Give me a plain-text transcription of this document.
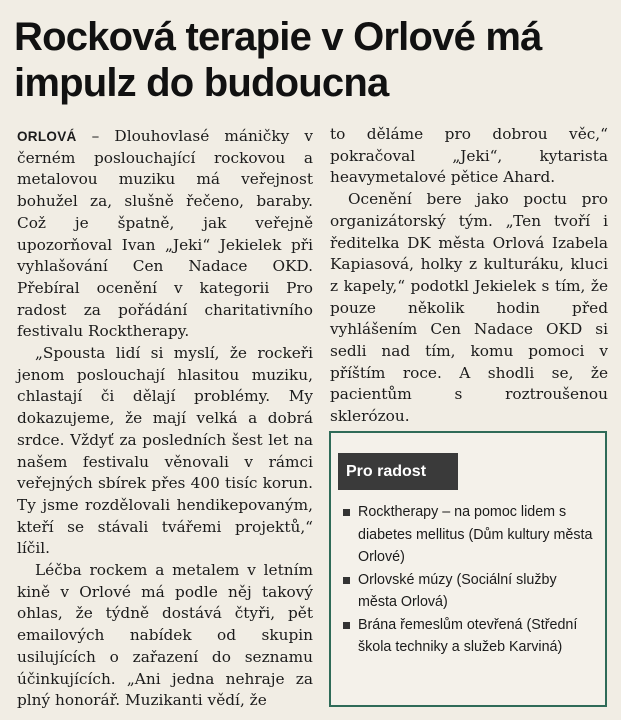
Rocková terapie v Orlové má impulz do budoucna

ORLOVÁ – Dlouhovlasé máničky v černém poslouchající rockovou a metalovou muziku má veřejnost bohužel za, slušně řečeno, baraby. Což je špatně, jak veřejně upozorňoval Ivan „Jeki“ Jekielek při vyhlašování Cen Nadace OKD. Přebíral ocenění v kategorii Pro radost za pořádání charitativního festivalu Rocktherapy.

„Spousta lidí si myslí, že rockeři jenom poslouchají hlasitou muziku, chlastají či dělají problémy. My dokazujeme, že mají velká a dobrá srdce. Vždyť za posledních šest let na našem festivalu věnovali v rámci veřejných sbírek přes 400 tisíc korun. Ty jsme rozdělovali hendikepovaným, kteří se stávali tvářemi projektů,“ líčil.

Léčba rockem a metalem v letním kině v Orlové má podle něj takový ohlas, že týdně dostává čtyři, pět emailových nabídek od skupin usilujících o zařazení do seznamu účinkujících. „Ani jedna nehraje za plný honorář. Muzikanti vědí, že

to děláme pro dobrou věc,“ pokračoval „Jeki“, kytarista heavymetalové pětice Ahard.

Ocenění bere jako poctu pro organizátorský tým. „Ten tvoří i ředitelka DK města Orlová Izabela Kapiasová, holky z kulturáku, kluci z kapely,“ podotkl Jekielek s tím, že pouze několik hodin před vyhlášením Cen Nadace OKD si sedli nad tím, komu pomoci v příštím roce. A shodli se, že pacientům s roztroušenou sklerózou.

Pro radost
Rocktherapy – na pomoc lidem s diabetes mellitus (Dům kultury města Orlové)
Orlovské múzy (Sociální služby města Orlová)
Brána řemeslům otevřená (Střední škola techniky a služeb Karviná)
